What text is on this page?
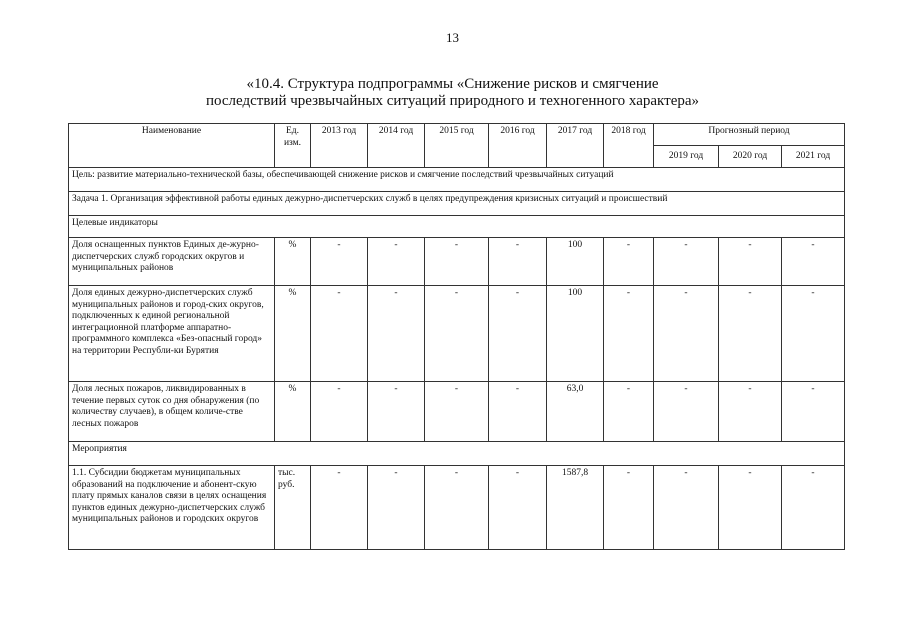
13
«10.4. Структура подпрограммы «Снижение рисков и смягчение
последствий чрезвычайных ситуаций природного и техногенного характера»
Наименование	Ед. изм.	2013 год	2014 год	2015 год	2016 год	2017 год	2018 год	Прогнозный период		
								2019 год	2020 год	2021 год
Цель: развитие материально-технической базы, обеспечивающей снижение рисков и смягчение последствий чрезвычайных ситуаций										
Задача 1. Организация эффективной работы единых дежурно-диспетчерских служб в целях предупреждения кризисных ситуаций и происшествий										
Целевые индикаторы										
Доля оснащенных пунктов Единых де-журно-диспетчерских служб городских округов и муниципальных районов	%	-	-	-	-	100	-	-	-	-
Доля единых дежурно-диспетчерских служб муниципальных районов и город-ских округов, подключенных к единой региональной интеграционной платформе аппаратно-программного комплекса «Без-опасный город» на территории Республи-ки Бурятия	%	-	-	-	-	100	-	-	-	-
Доля лесных пожаров, ликвидированных в течение первых суток со дня обнаружения (по количеству случаев), в общем количе-стве лесных пожаров	%	-	-	-	-	63,0	-	-	-	-
Мероприятия										
1.1. Субсидии бюджетам муниципальных образований на подключение и абонент-скую плату прямых каналов связи в целях оснащения пунктов единых дежурно-диспетчерских служб муниципальных районов и городских округов	тыс. руб.	-	-	-	-	1587,8	-	-	-	-
